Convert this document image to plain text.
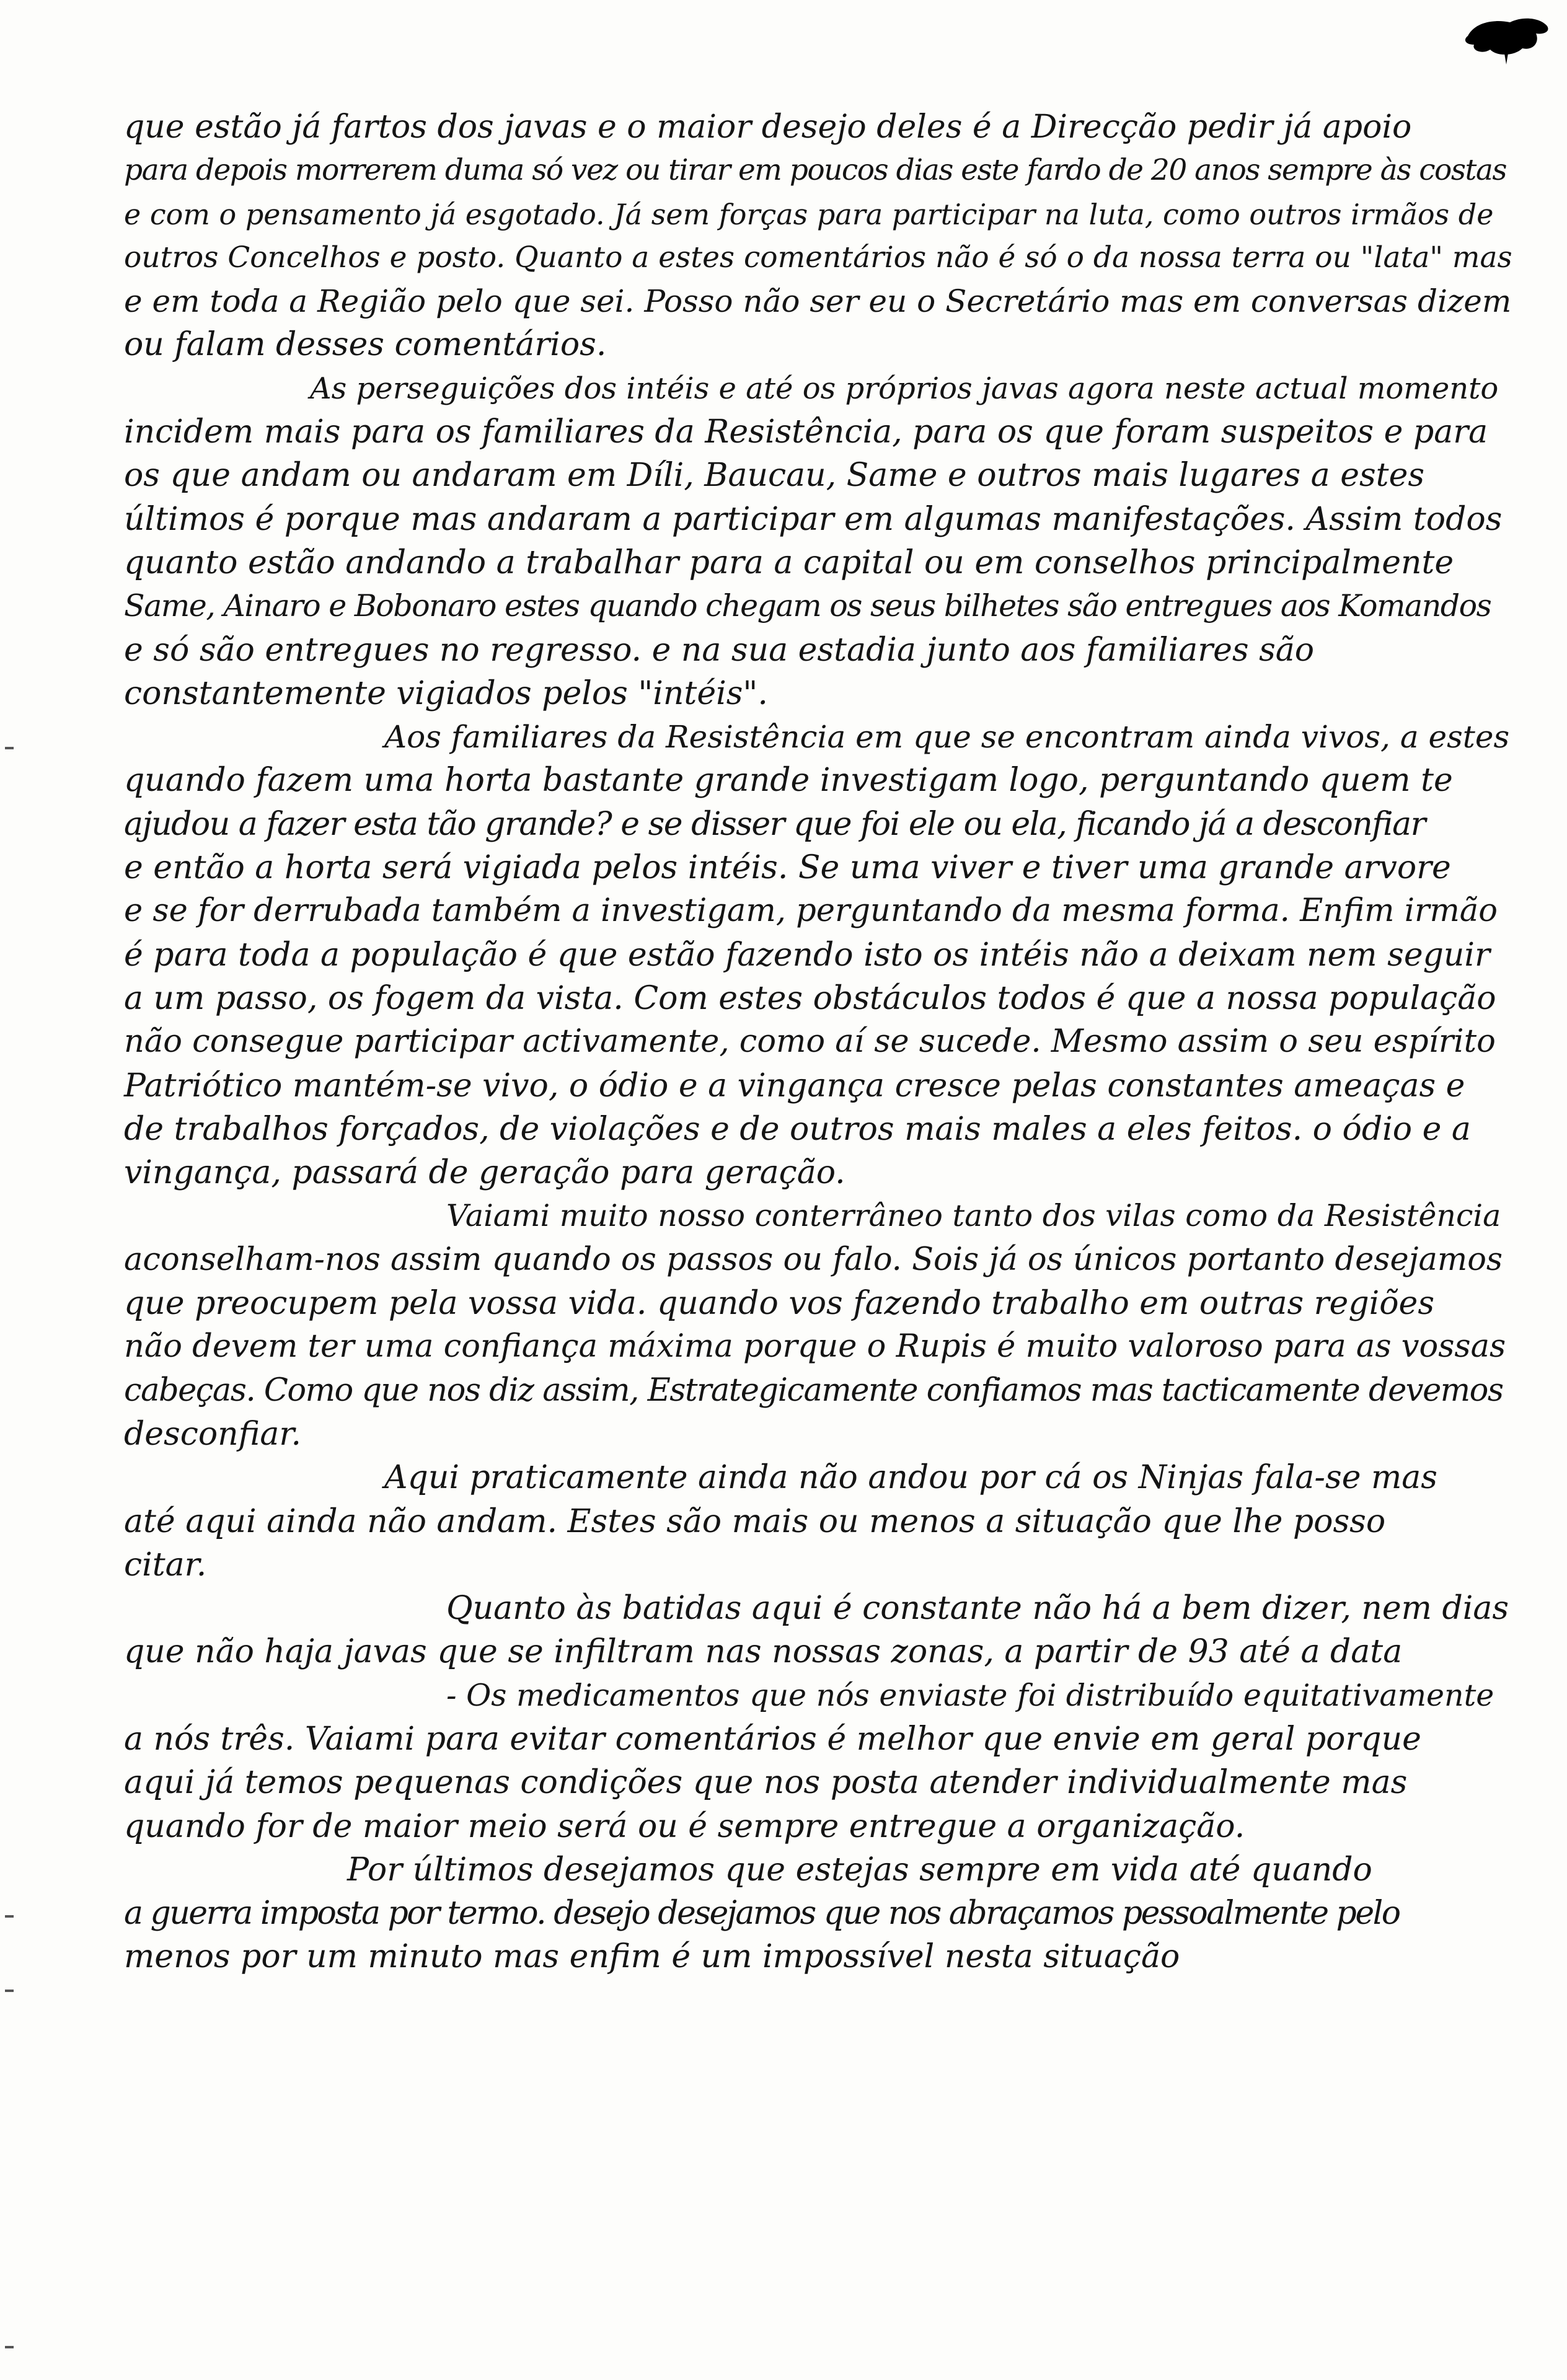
que estão já fartos dos javas e o maior desejo deles é a Direcção pedir já apoio
para depois morrerem duma só vez ou tirar em poucos dias este fardo de 20 anos sempre às costas
e com o pensamento já esgotado. Já sem forças para participar na luta, como outros irmãos de
outros Concelhos e posto. Quanto a estes comentários não é só o da nossa terra ou "lata" mas
e em toda a Região pelo que sei. Posso não ser eu o Secretário mas em conversas dizem
ou falam desses comentários.
As perseguições dos intéis e até os próprios javas agora neste actual momento
incidem mais para os familiares da Resistência, para os que foram suspeitos e para
os que andam ou andaram em Díli, Baucau, Same e outros mais lugares a estes
últimos é porque mas andaram a participar em algumas manifestações. Assim todos
quanto estão andando a trabalhar para a capital ou em conselhos principalmente
Same, Ainaro e Bobonaro estes quando chegam os seus bilhetes são entregues aos Komandos
e só são entregues no regresso. e na sua estadia junto aos familiares são
constantemente vigiados pelos "intéis".
Aos familiares da Resistência em que se encontram ainda vivos, a estes
quando fazem uma horta bastante grande investigam logo, perguntando quem te
ajudou a fazer esta tão grande? e se disser que foi ele ou ela, ficando já a desconfiar
e então a horta será vigiada pelos intéis. Se uma viver e tiver uma grande arvore
e se for derrubada também a investigam, perguntando da mesma forma. Enfim irmão
é para toda a população é que estão fazendo isto os intéis não a deixam nem seguir
a um passo, os fogem da vista. Com estes obstáculos todos é que a nossa população
não consegue participar activamente, como aí se sucede. Mesmo assim o seu espírito
Patriótico mantém-se vivo, o ódio e a vingança cresce pelas constantes ameaças e
de trabalhos forçados, de violações e de outros mais males a eles feitos. o ódio e a
vingança, passará de geração para geração.
Vaiami muito nosso conterrâneo tanto dos vilas como da Resistência
aconselham-nos assim quando os passos ou falo. Sois já os únicos portanto desejamos
que preocupem pela vossa vida. quando vos fazendo trabalho em outras regiões
não devem ter uma confiança máxima porque o Rupis é muito valoroso para as vossas
cabeças. Como que nos diz assim, Estrategicamente confiamos mas tacticamente devemos
desconfiar.
Aqui praticamente ainda não andou por cá os Ninjas fala-se mas
até aqui ainda não andam. Estes são mais ou menos a situação que lhe posso
citar.
Quanto às batidas aqui é constante não há a bem dizer, nem dias
que não haja javas que se infiltram nas nossas zonas, a partir de 93 até a data
- Os medicamentos que nós enviaste foi distribuído equitativamente
a nós três. Vaiami para evitar comentários é melhor que envie em geral porque
aqui já temos pequenas condições que nos posta atender individualmente mas
quando for de maior meio será ou é sempre entregue a organização.
Por últimos desejamos que estejas sempre em vida até quando
a guerra imposta por termo. desejo desejamos que nos abraçamos pessoalmente pelo
menos por um minuto mas enfim é um impossível nesta situação
